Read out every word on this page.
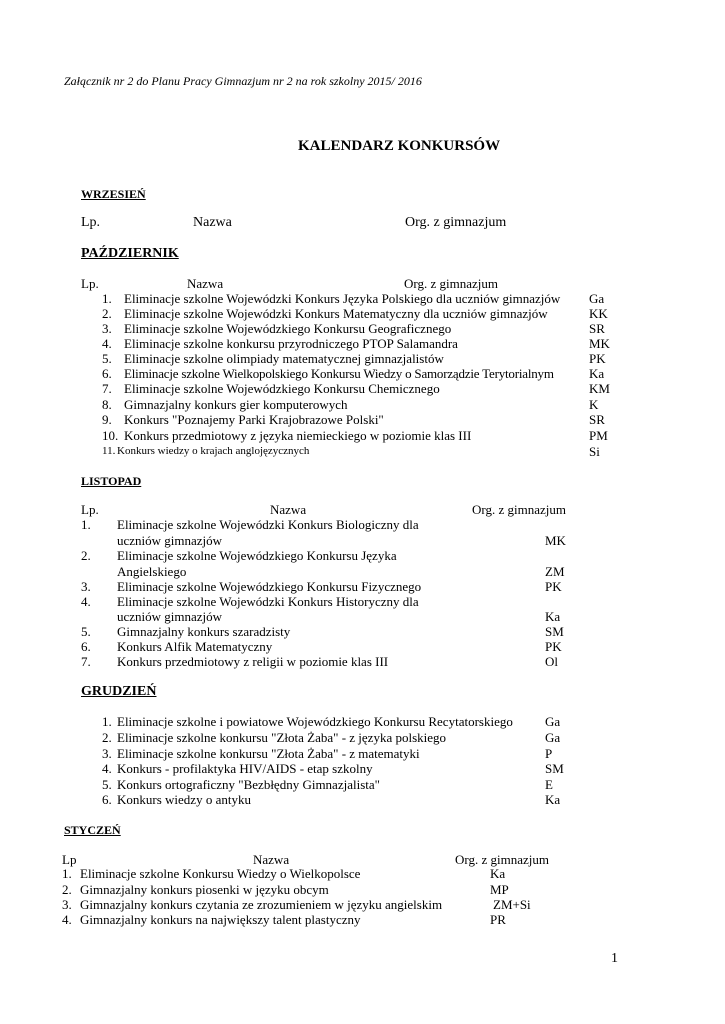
Załącznik nr 2 do Planu Pracy Gimnazjum nr 2 na rok szkolny 2015/ 2016
KALENDARZ KONKURSÓW
WRZESIEŃ
Lp.	Nazwa	Org. z gimnazjum
PAŹDZIERNIK
Lp.	Nazwa	Org. z gimnazjum
1. Eliminacje szkolne Wojewódzki Konkurs Języka Polskiego dla uczniów gimnazjów Ga
2. Eliminacje szkolne Wojewódzki Konkurs Matematyczny dla uczniów gimnazjów	KK
3. Eliminacje szkolne Wojewódzkiego Konkursu Geograficznego	SR
4. Eliminacje szkolne konkursu przyrodniczego PTOP Salamandra	MK
5. Eliminacje szkolne olimpiady matematycznej gimnazjalistów	PK
6. Eliminacje szkolne Wielkopolskiego Konkursu Wiedzy o Samorządzie Terytorialnym	Ka
7. Eliminacje szkolne Wojewódzkiego Konkursu Chemicznego	KM
8. Gimnazjalny konkurs gier komputerowych	K
9. Konkurs "Poznajemy Parki Krajobrazowe Polski"	SR
10. Konkurs przedmiotowy z języka niemieckiego w poziomie klas III	PM
11. Konkurs wiedzy o krajach anglojęzycznych	Si
LISTOPAD
Lp.	Nazwa	Org. z gimnazjum
1. Eliminacje szkolne Wojewódzki Konkurs Biologiczny dla
uczniów gimnazjów	MK
2. Eliminacje szkolne Wojewódzkiego Konkursu Języka
Angielskiego	ZM
3. Eliminacje szkolne Wojewódzkiego Konkursu Fizycznego	PK
4. Eliminacje szkolne Wojewódzki Konkurs Historyczny dla
uczniów gimnazjów	Ka
5. Gimnazjalny konkurs szaradzisty	SM
6. Konkurs Alfik Matematyczny	PK
7. Konkurs przedmiotowy z religii w poziomie klas III	Ol
GRUDZIEŃ
1. Eliminacje szkolne i powiatowe Wojewódzkiego Konkursu Recytatorskiego Ga
2. Eliminacje szkolne konkursu "Złota Żaba" - z języka polskiego	Ga
3. Eliminacje szkolne konkursu "Złota Żaba" - z matematyki	P
4. Konkurs - profilaktyka HIV/AIDS - etap szkolny	SM
5. Konkurs ortograficzny "Bezbłędny Gimnazjalista"	E
6. Konkurs wiedzy o antyku	Ka
STYCZEŃ
Lp	Nazwa	Org. z gimnazjum
1. Eliminacje szkolne Konkursu Wiedzy o Wielkopolsce	Ka
2. Gimnazjalny konkurs piosenki w języku obcym	MP
3. Gimnazjalny konkurs czytania ze zrozumieniem w języku angielskim	ZM+Si
4. Gimnazjalny konkurs na największy talent plastyczny	PR
1
